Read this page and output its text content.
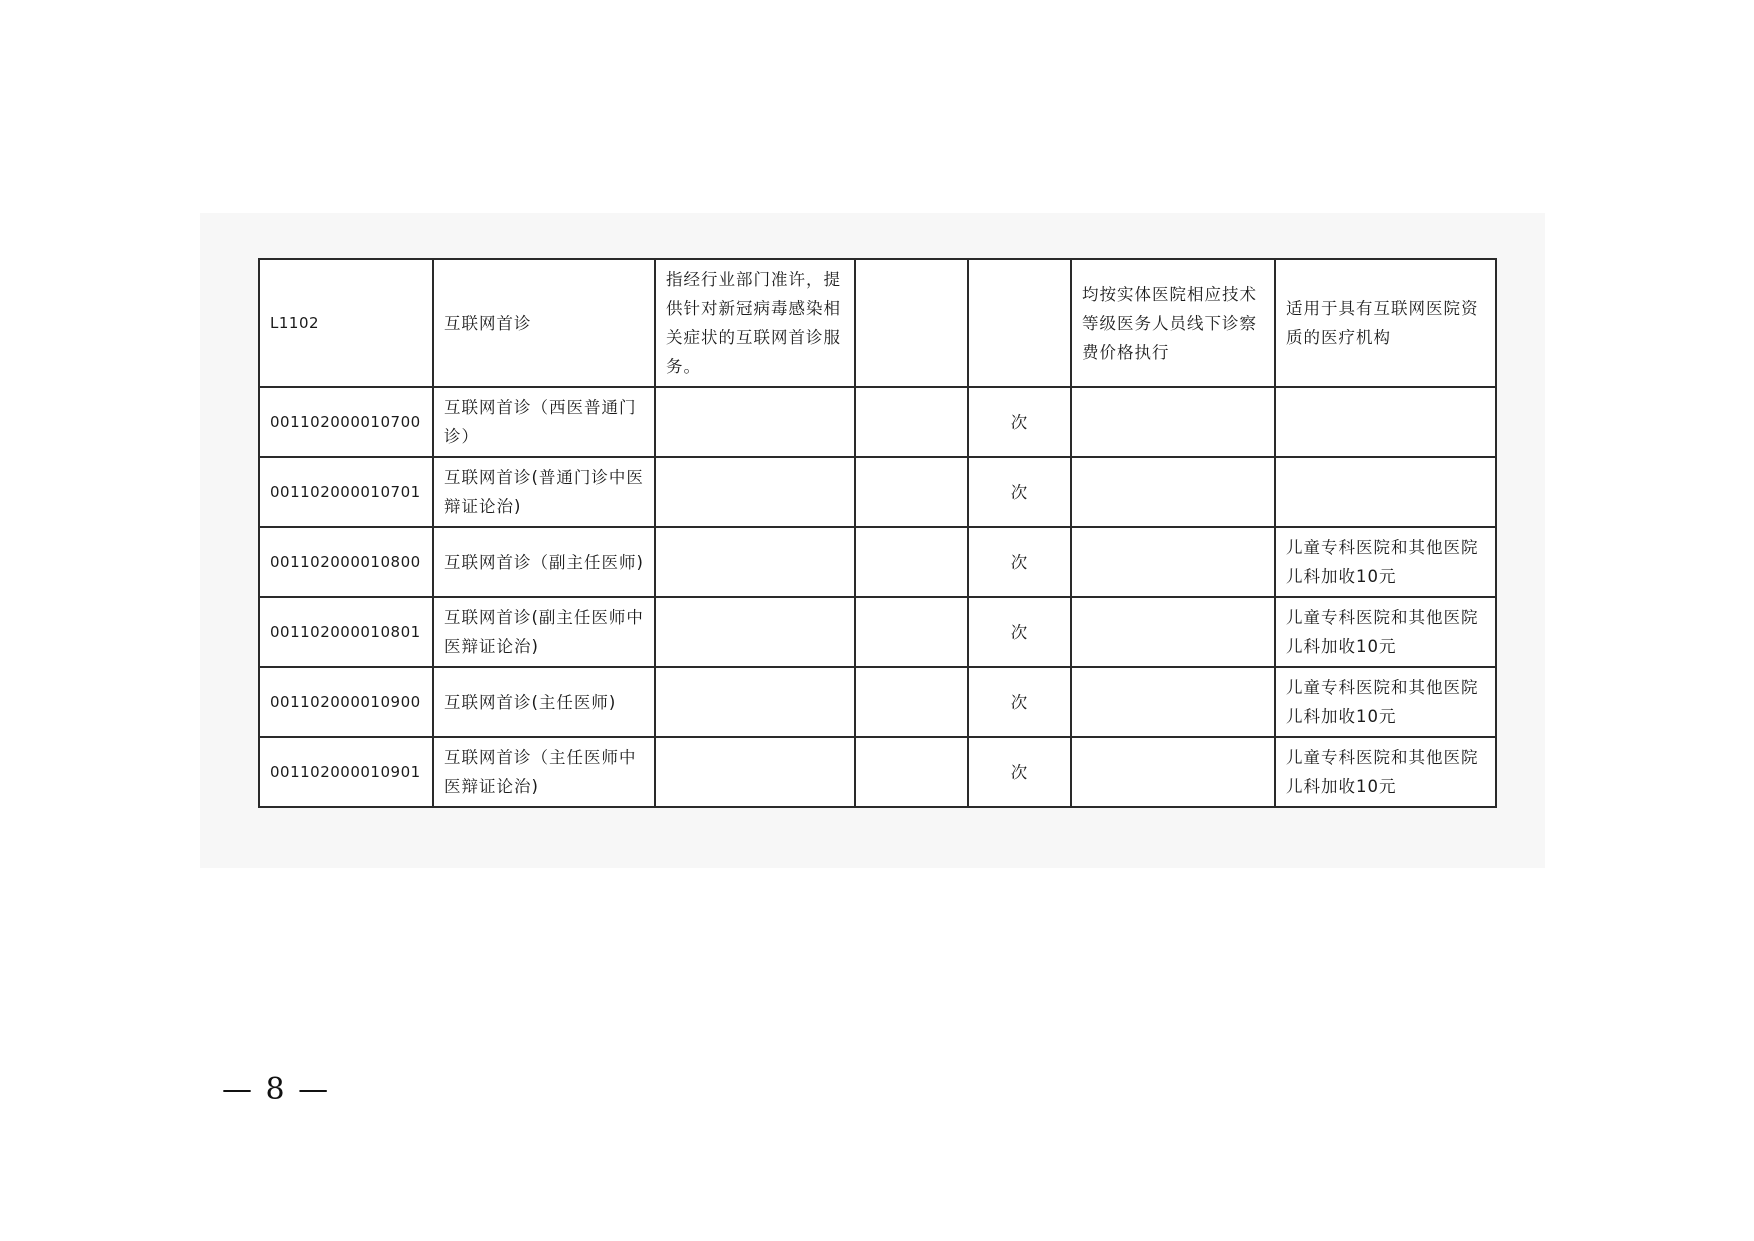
L1102	互联网首诊	指经行业部门准许，提供针对新冠病毒感染相关症状的互联网首诊服务。			均按实体医院相应技术等级医务人员线下诊察费价格执行	适用于具有互联网医院资质的医疗机构
001102000010700	互联网首诊（西医普通门诊）			次		
001102000010701	互联网首诊(普通门诊中医辩证论治)			次		
001102000010800	互联网首诊（副主任医师)			次		儿童专科医院和其他医院儿科加收10元
001102000010801	互联网首诊(副主任医师中医辩证论治)			次		儿童专科医院和其他医院儿科加收10元
001102000010900	互联网首诊(主任医师)			次		儿童专科医院和其他医院儿科加收10元
001102000010901	互联网首诊（主任医师中医辩证论治)			次		儿童专科医院和其他医院儿科加收10元
— 8 —
